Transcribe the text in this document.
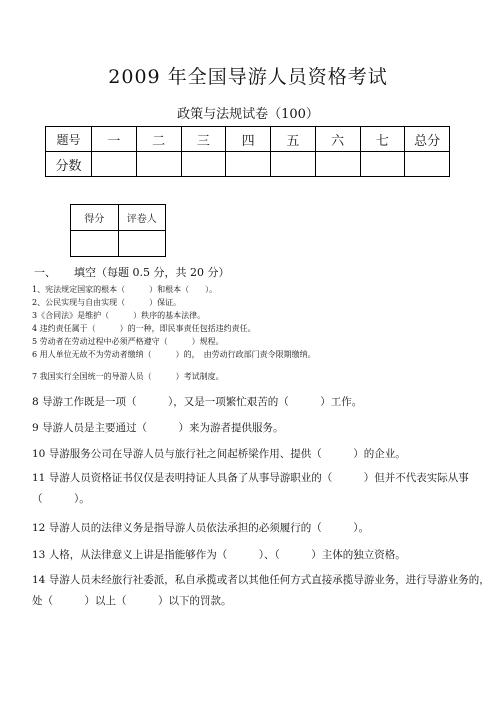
2009 年全国导游人员资格考试
政策与法规试卷（100）
题号	一	二	三	四	五	六	七	总分
分数								
得分	评卷人

一、 填空（每题 0.5 分，共 20 分）
1、宪法规定国家的根本（　　　）和根本（　　）。
2、公民实现与自由实现（　　　）保证。
3《合同法》是维护（　　　）秩序的基本法律。
4 违约责任属于（　　　）的一种，即民事责任包括违约责任。
5 劳动者在劳动过程中必须严格遵守（　　　）规程。
6 用人单位无故不为劳动者缴纳（　　　）的，　由劳动行政部门责令限期缴纳。
7 我国实行全国统一的导游人员（　　　）考试制度。
8 导游工作既是一项（　　　），又是一项繁忙艰苦的（　　　）工作。
9 导游人员是主要通过（　　　）来为游者提供服务。
10 导游服务公司在导游人员与旅行社之间起桥梁作用、提供（　　　）的企业。
11 导游人员资格证书仅仅是表明持证人具备了从事导游职业的（　　　）但并不代表实际从事（　　　）。
12 导游人员的法律义务是指导游人员依法承担的必须履行的（　　　）。
13 人格，从法律意义上讲是指能够作为（　　　）、（　　　）主体的独立资格。
14 导游人员未经旅行社委派，私自承揽或者以其他任何方式直接承揽导游业务，进行导游业务的，处（　　　）以上（　　　）以下的罚款。
